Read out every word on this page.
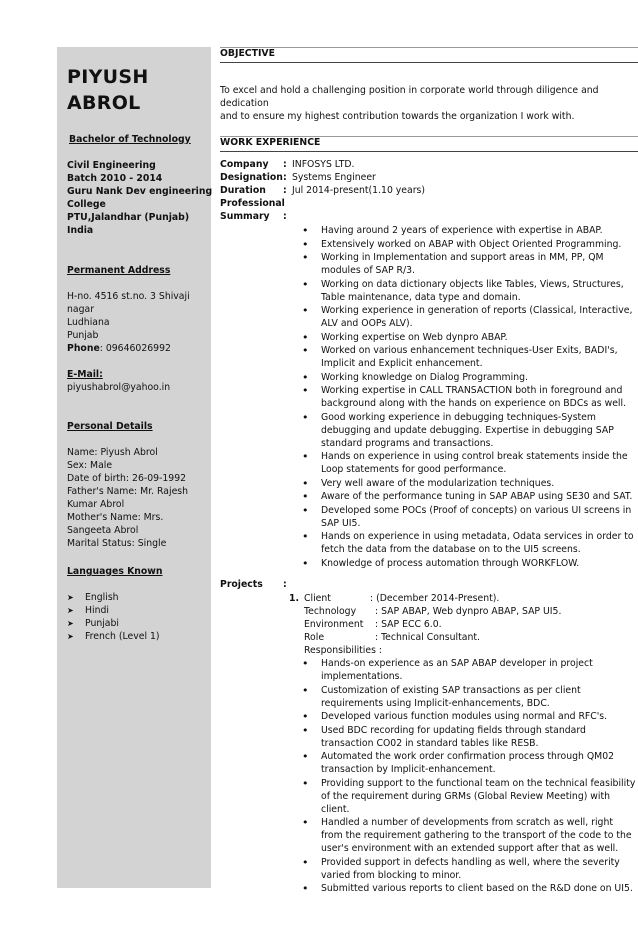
PIYUSH
ABROL
Bachelor of Technology
Civil Engineering
Batch 2010 - 2014
Guru Nank Dev engineering
College
PTU,Jalandhar (Punjab)
India
Permanent Address
H-no. 4516 st.no. 3 Shivaji
nagar
Ludhiana
Punjab
Phone: 09646026992
E-Mail:
piyushabrol@yahoo.in
Personal Details
Name: Piyush Abrol
Sex: Male
Date of birth: 26-09-1992
Father's Name: Mr. Rajesh
Kumar Abrol
Mother's Name: Mrs.
Sangeeta Abrol
Marital Status: Single
Languages Known
➤ English
➤ Hindi
➤ Punjabi
➤ French (Level 1)
OBJECTIVE
To excel and hold a challenging position in corporate world through diligence and dedication
and to ensure my highest contribution towards the organization I work with.
WORK EXPERIENCE
Company : INFOSYS LTD.
Designation : Systems Engineer
Duration : Jul 2014-present(1.10 years)
Professional
Summary :
• Having around 2 years of experience with expertise in ABAP.
• Extensively worked on ABAP with Object Oriented Programming.
• Working in Implementation and support areas in MM, PP, QM modules of SAP R/3.
• Working on data dictionary objects like Tables, Views, Structures, Table maintenance, data type and domain.
• Working experience in generation of reports (Classical, Interactive, ALV and OOPs ALV).
• Working expertise on Web dynpro ABAP.
• Worked on various enhancement techniques-User Exits, BADI's, Implicit and Explicit enhancement.
• Working knowledge on Dialog Programming.
• Working expertise in CALL TRANSACTION both in foreground and background along with the hands on experience on BDCs as well.
• Good working experience in debugging techniques-System debugging and update debugging. Expertise in debugging SAP standard programs and transactions.
• Hands on experience in using control break statements inside the Loop statements for good performance.
• Very well aware of the modularization techniques.
• Aware of the performance tuning in SAP ABAP using SE30 and SAT.
• Developed some POCs (Proof of concepts) on various UI screens in SAP UI5.
• Hands on experience in using metadata, Odata services in order to fetch the data from the database on to the UI5 screens.
• Knowledge of process automation through WORKFLOW.
Projects :
1. Client	: (December 2014-Present).
Technology : SAP ABAP, Web dynpro ABAP, SAP UI5.
Environment : SAP ECC 6.0.
Role	: Technical Consultant.
Responsibilities :
• Hands-on experience as an SAP ABAP developer in project implementations.
• Customization of existing SAP transactions as per client requirements using Implicit-enhancements, BDC.
• Developed various function modules using normal and RFC's.
• Used BDC recording for updating fields through standard transaction CO02 in standard tables like RESB.
• Automated the work order confirmation process through QM02 transaction by Implicit-enhancement.
• Providing support to the functional team on the technical feasibility of the requirement during GRMs (Global Review Meeting) with client.
• Handled a number of developments from scratch as well, right from the requirement gathering to the transport of the code to the user's environment with an extended support after that as well.
• Provided support in defects handling as well, where the severity varied from blocking to minor.
• Submitted various reports to client based on the R&D done on UI5.
